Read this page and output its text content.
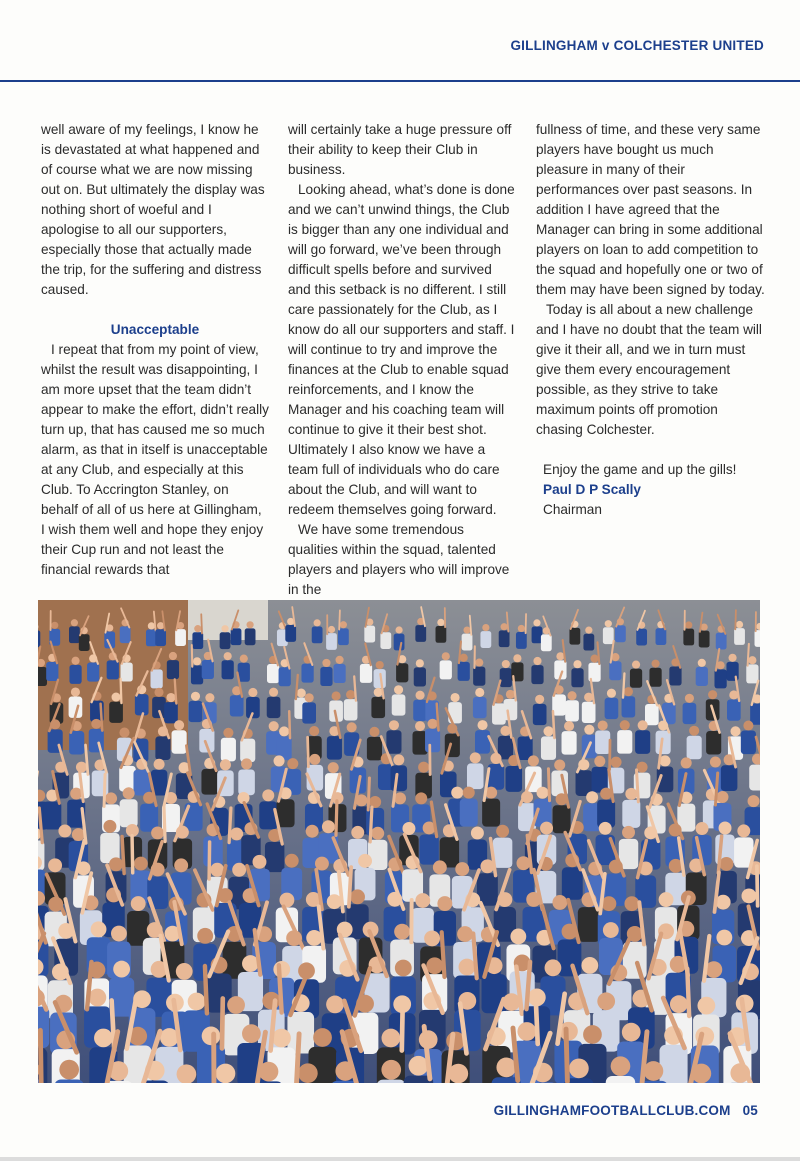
GILLINGHAM v COLCHESTER UNITED

well aware of my feelings, I know he is devastated at what happened and of course what we are now missing out on. But ultimately the display was nothing short of woeful and I apologise to all our supporters, especially those that actually made the trip, for the suffering and distress caused.

Unacceptable

I repeat that from my point of view, whilst the result was disappointing, I am more upset that the team didn’t appear to make the effort, didn’t really turn up, that has caused me so much alarm, as that in itself is unacceptable at any Club, and especially at this Club. To Accrington Stanley, on behalf of all of us here at Gillingham, I wish them well and hope they enjoy their Cup run and not least the financial rewards that

will certainly take a huge pressure off their ability to keep their Club in business.

Looking ahead, what’s done is done and we can’t unwind things, the Club is bigger than any one individual and will go forward, we’ve been through difficult spells before and survived and this setback is no different. I still care passionately for the Club, as I know do all our supporters and staff. I will continue to try and improve the finances at the Club to enable squad reinforcements, and I know the Manager and his coaching team will continue to give it their best shot. Ultimately I also know we have a team full of individuals who do care about the Club, and will want to redeem themselves going forward.

We have some tremendous qualities within the squad, talented players and players who will improve in the

fullness of time, and these very same players have bought us much pleasure in many of their performances over past seasons. In addition I have agreed that the Manager can bring in some additional players on loan to add competition to the squad and hopefully one or two of them may have been signed by today.

Today is all about a new challenge and I have no doubt that the team will give it their all, and we in turn must give them every encouragement possible, as they strive to take maximum points off promotion chasing Colchester.

Enjoy the game and up the gills!
Paul D P Scally
Chairman
GILLINGHAMFOOTBALLCLUB.COM 05
